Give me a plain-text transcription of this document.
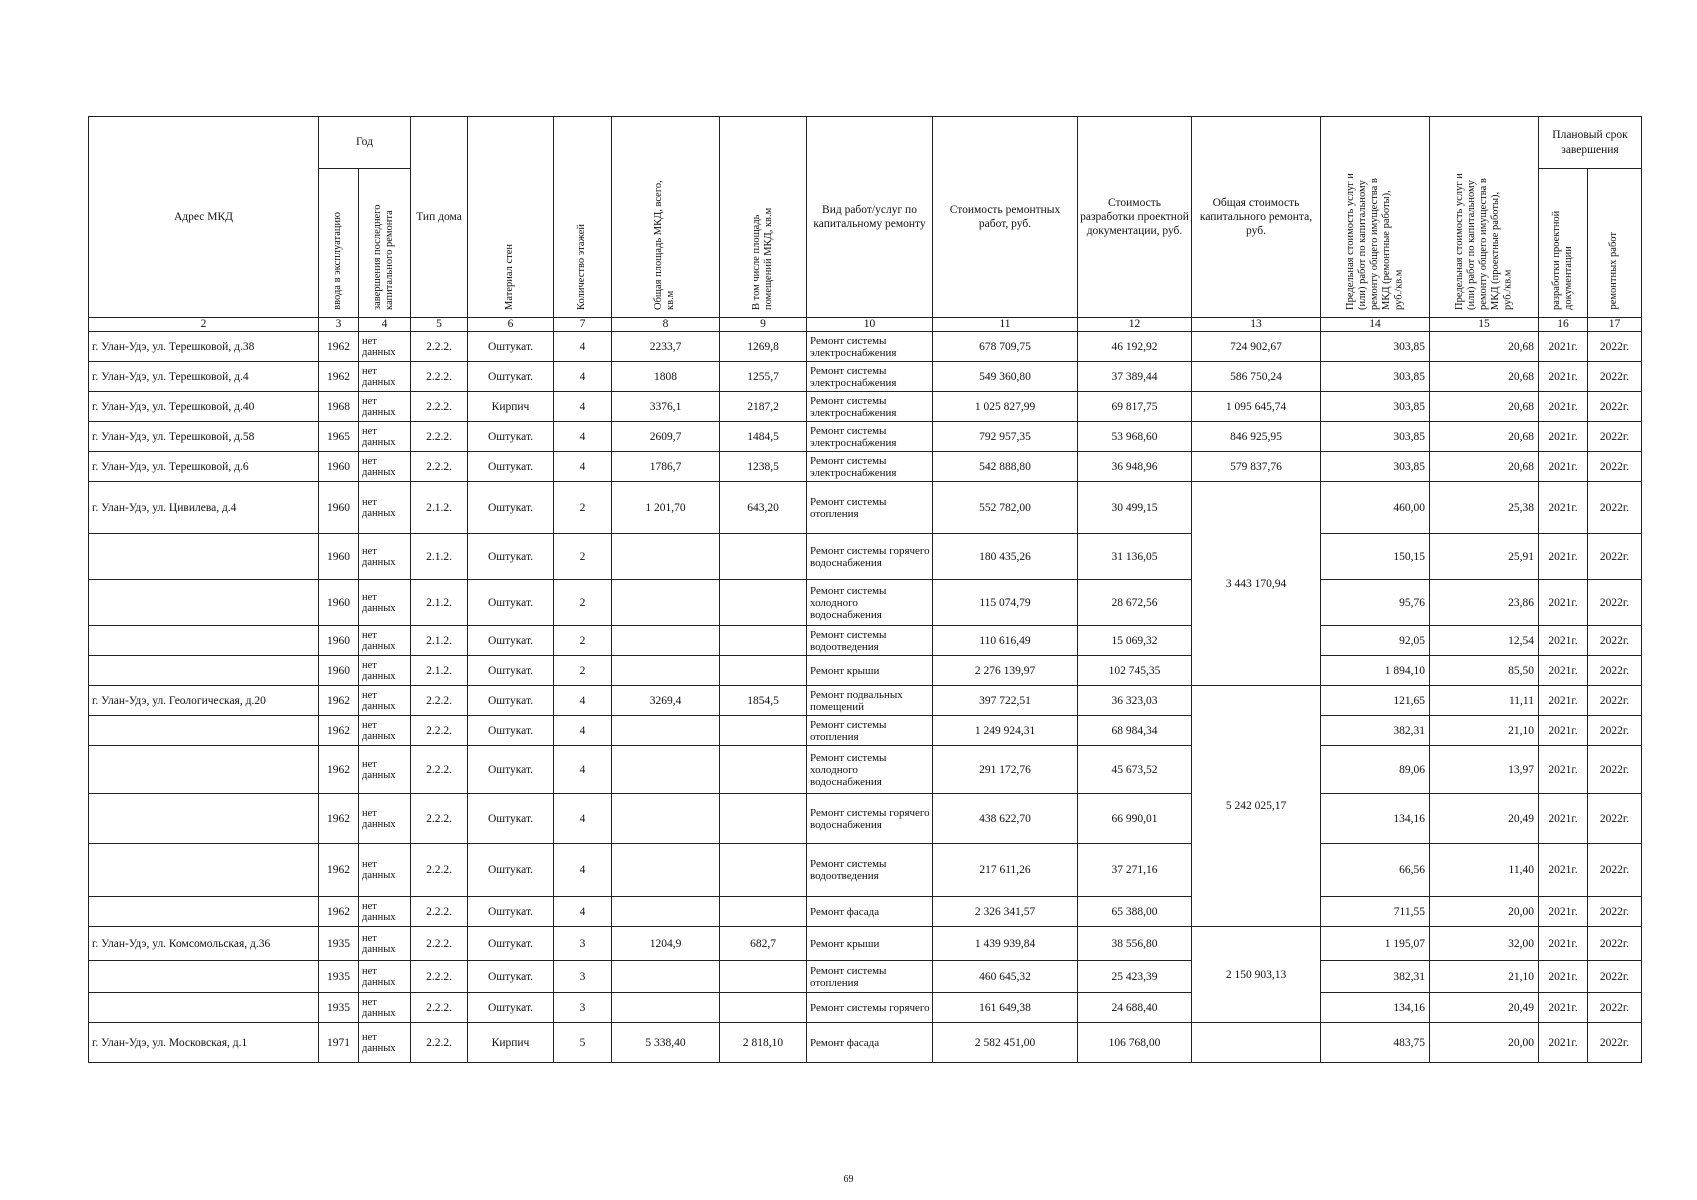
Адрес МКД	Год		Тип дома	Материал стен	Количество этажей	Общая площадь МКД, всего, кв.м	В том числе площадь помещений МКД, кв.м	Вид работ/услуг по капитальному ремонту	Стоимость ремонтных работ, руб.	Стоимость разработки проектной документации, руб.	Общая стоимость капитального ремонта, руб.	Предельная стоимость услуг и (или) работ по капитальному ремонту общего имущества в МКД (ремонтные работы), руб./кв.м	Предельная стоимость услуг и (или) работ по капитальному ремонту общего имущества в МКД (проектные работы), руб./кв.м	Плановый срок завершения	
	ввода в эксплуатацию	завершения последнего капитального ремонта												разработки проектной документации	ремонтных работ
2	3	4	5	6	7	8	9	10	11	12	13	14	15	16	17
г. Улан-Удэ, ул. Терешковой, д.38	1962	нет данных	2.2.2.	Оштукат.	4	2233,7	1269,8	Ремонт системы электроснабжения	678 709,75	46 192,92	724 902,67	303,85	20,68	2021г.	2022г.
г. Улан-Удэ, ул. Терешковой, д.4	1962	нет данных	2.2.2.	Оштукат.	4	1808	1255,7	Ремонт системы электроснабжения	549 360,80	37 389,44	586 750,24	303,85	20,68	2021г.	2022г.
г. Улан-Удэ, ул. Терешковой, д.40	1968	нет данных	2.2.2.	Кирпич	4	3376,1	2187,2	Ремонт системы электроснабжения	1 025 827,99	69 817,75	1 095 645,74	303,85	20,68	2021г.	2022г.
г. Улан-Удэ, ул. Терешковой, д.58	1965	нет данных	2.2.2.	Оштукат.	4	2609,7	1484,5	Ремонт системы электроснабжения	792 957,35	53 968,60	846 925,95	303,85	20,68	2021г.	2022г.
г. Улан-Удэ, ул. Терешковой, д.6	1960	нет данных	2.2.2.	Оштукат.	4	1786,7	1238,5	Ремонт системы электроснабжения	542 888,80	36 948,96	579 837,76	303,85	20,68	2021г.	2022г.
г. Улан-Удэ, ул. Цивилева, д.4	1960	нет данных	2.1.2.	Оштукат.	2	1 201,70	643,20	Ремонт системы отопления	552 782,00	30 499,15	3 443 170,94	460,00	25,38	2021г.	2022г.
	1960	нет данных	2.1.2.	Оштукат.	2			Ремонт системы горячего водоснабжения	180 435,26	31 136,05		150,15	25,91	2021г.	2022г.
	1960	нет данных	2.1.2.	Оштукат.	2			Ремонт системы холодного водоснабжения	115 074,79	28 672,56		95,76	23,86	2021г.	2022г.
	1960	нет данных	2.1.2.	Оштукат.	2			Ремонт системы водоотведения	110 616,49	15 069,32		92,05	12,54	2021г.	2022г.
	1960	нет данных	2.1.2.	Оштукат.	2			Ремонт крыши	2 276 139,97	102 745,35		1 894,10	85,50	2021г.	2022г.
г. Улан-Удэ, ул. Геологическая, д.20	1962	нет данных	2.2.2.	Оштукат.	4	3269,4	1854,5	Ремонт подвальных помещений	397 722,51	36 323,03	5 242 025,17	121,65	11,11	2021г.	2022г.
	1962	нет данных	2.2.2.	Оштукат.	4			Ремонт системы отопления	1 249 924,31	68 984,34		382,31	21,10	2021г.	2022г.
	1962	нет данных	2.2.2.	Оштукат.	4			Ремонт системы холодного водоснабжения	291 172,76	45 673,52		89,06	13,97	2021г.	2022г.
	1962	нет данных	2.2.2.	Оштукат.	4			Ремонт системы горячего водоснабжения	438 622,70	66 990,01		134,16	20,49	2021г.	2022г.
	1962	нет данных	2.2.2.	Оштукат.	4			Ремонт системы водоотведения	217 611,26	37 271,16		66,56	11,40	2021г.	2022г.
	1962	нет данных	2.2.2.	Оштукат.	4			Ремонт фасада	2 326 341,57	65 388,00		711,55	20,00	2021г.	2022г.
г. Улан-Удэ, ул. Комсомольская, д.36	1935	нет данных	2.2.2.	Оштукат.	3	1204,9	682,7	Ремонт крыши	1 439 939,84	38 556,80	2 150 903,13	1 195,07	32,00	2021г.	2022г.
	1935	нет данных	2.2.2.	Оштукат.	3			Ремонт системы отопления	460 645,32	25 423,39		382,31	21,10	2021г.	2022г.
	1935	нет данных	2.2.2.	Оштукат.	3			Ремонт системы горячего	161 649,38	24 688,40		134,16	20,49	2021г.	2022г.
г. Улан-Удэ, ул. Московская, д.1	1971	нет данных	2.2.2.	Кирпич	5	5 338,40	2 818,10	Ремонт фасада	2 582 451,00	106 768,00		483,75	20,00	2021г.	2022г.
69
